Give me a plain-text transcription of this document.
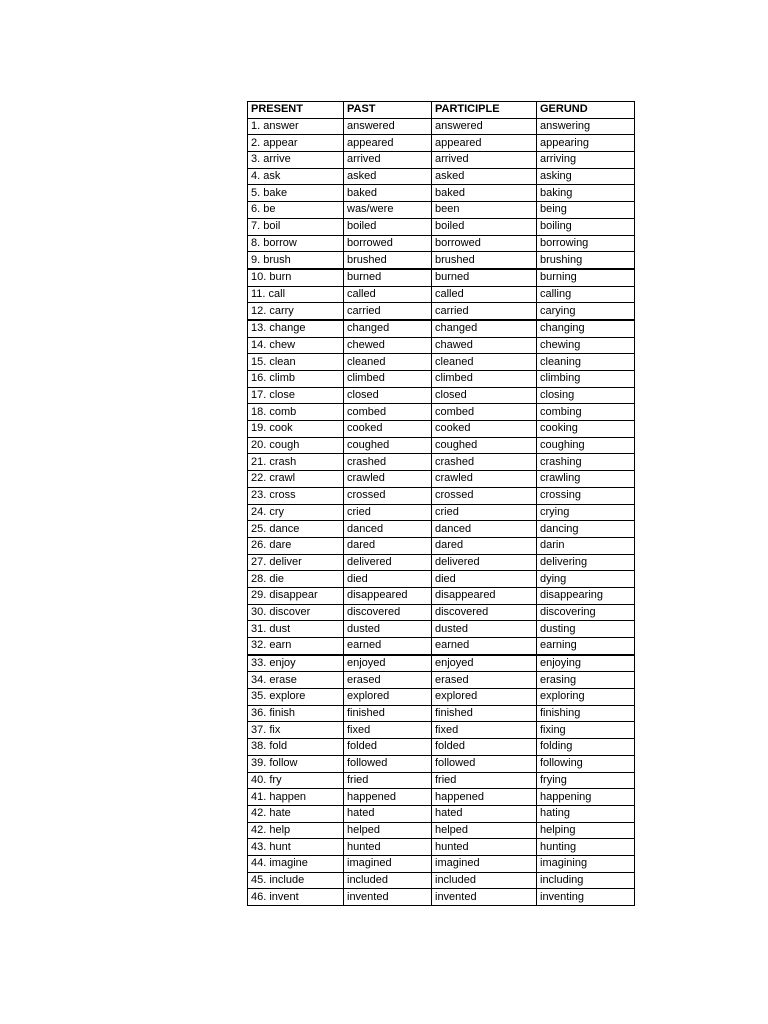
PRESENT	PAST	PARTICIPLE	GERUND
1. answer	answered	answered	answering
2. appear	appeared	appeared	appearing
3. arrive	arrived	arrived	arriving
4. ask	asked	asked	asking
5. bake	baked	baked	baking
6. be	was/were	been	being
7. boil	boiled	boiled	boiling
8. borrow	borrowed	borrowed	borrowing
9. brush	brushed	brushed	brushing
10. burn	burned	burned	burning
11. call	called	called	calling
12. carry	carried	carried	carying
13. change	changed	changed	changing
14. chew	chewed	chawed	chewing
15. clean	cleaned	cleaned	cleaning
16. climb	climbed	climbed	climbing
17. close	closed	closed	closing
18. comb	combed	combed	combing
19. cook	cooked	cooked	cooking
20. cough	coughed	coughed	coughing
21. crash	crashed	crashed	crashing
22. crawl	crawled	crawled	crawling
23. cross	crossed	crossed	crossing
24. cry	cried	cried	crying
25. dance	danced	danced	dancing
26. dare	dared	dared	darin
27. deliver	delivered	delivered	delivering
28. die	died	died	dying
29. disappear	disappeared	disappeared	disappearing
30. discover	discovered	discovered	discovering
31. dust	dusted	dusted	dusting
32. earn	earned	earned	earning
33. enjoy	enjoyed	enjoyed	enjoying
34. erase	erased	erased	erasing
35. explore	explored	explored	exploring
36. finish	finished	finished	finishing
37. fix	fixed	fixed	fixing
38. fold	folded	folded	folding
39. follow	followed	followed	following
40. fry	fried	fried	frying
41. happen	happened	happened	happening
42. hate	hated	hated	hating
42. help	helped	helped	helping
43. hunt	hunted	hunted	hunting
44. imagine	imagined	imagined	imagining
45. include	included	included	including
46. invent	invented	invented	inventing
